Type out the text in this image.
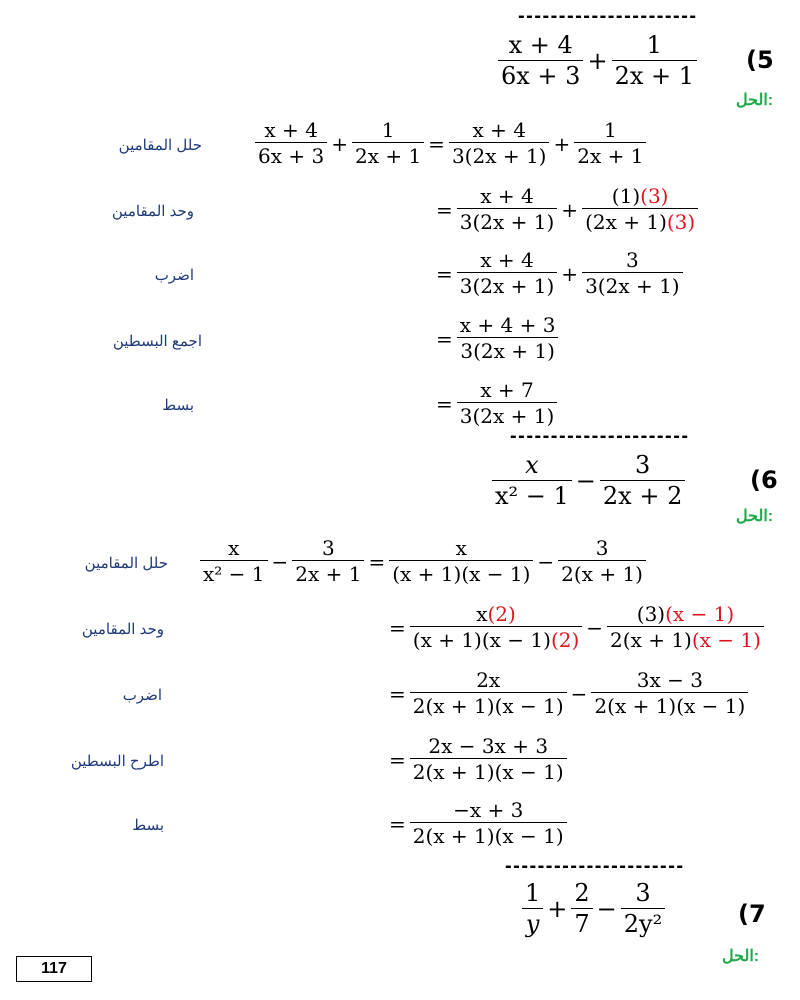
----------------------
$\frac{x + 4}{6x + 3} + \frac{1}{2x + 1} (5$
الحل:
حلل المقامين	$\frac{x + 4}{6x + 3} + \frac{1}{2x + 1} = \frac{x + 4}{3(2x + 1)} + \frac{1}{2x + 1}$
وحد المقامين	= $\frac{x + 4}{3(2x + 1)} + \frac{(1)(3)}{(2x + 1)(3)}$
اضرب	= $\frac{x + 4}{3(2x + 1)} + \frac{3}{3(2x + 1)}$
اجمع البسطين	= $\frac{x + 4 + 3}{3(2x + 1)}$
بسط	= $\frac{x + 7}{3(2x + 1)}$
----------------------
$\frac{x}{\text{x² − 1}} - \frac{3}{2x + 2}$	(6
الحل:
حلل المقامين $\frac{x}{\text{x² − 1}} - \frac{3}{2x + 1} = \frac{x}{(x + 1)(x - 1)} - \frac{3}{2(x + 1)}$
وحد المقامين	= $\frac{x(2)}{(x + 1)(x - 1)(2)} - \frac{(3)(x - 1)}{2(x + 1)(x - 1)}$
اضرب	= $\frac{2x}{2(x + 1)(x - 1)} - \frac{3x - 3}{2(x + 1)(x - 1)}$
اطرح البسطين	= $\frac{2x - 3x + 3}{2(x + 1)(x - 1)}$
بسط	= $\frac{-x + 3}{2(x + 1)(x - 1)}$
----------------------
$\frac{1}{y} + \frac{2}{7} - \frac{3}{\text{2y²}}$	(7
الحل:
117
